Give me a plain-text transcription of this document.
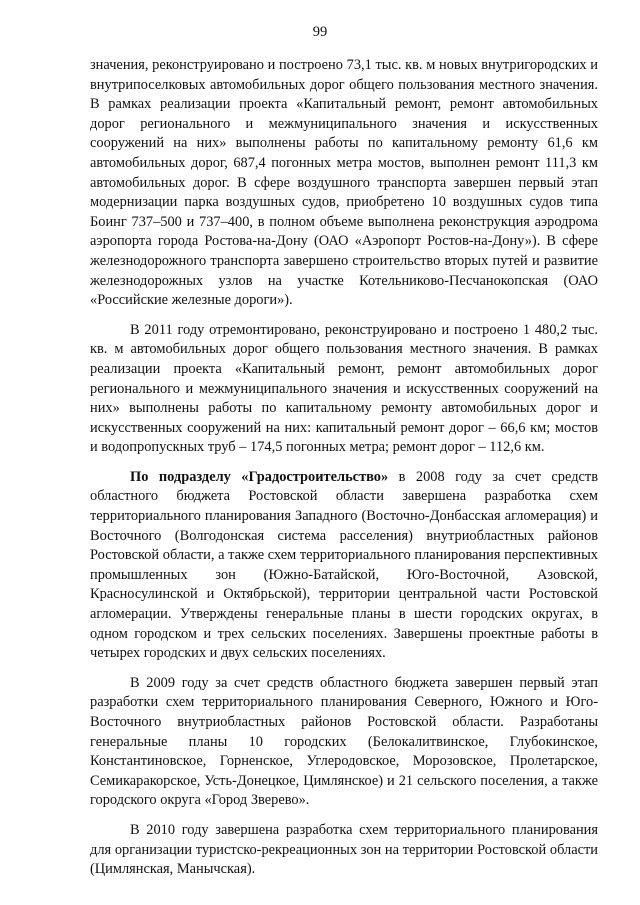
99

значения, реконструировано и построено 73,1 тыс. кв. м новых внутригородских и внутрипоселковых автомобильных дорог общего пользования местного значения. В рамках реализации проекта «Капитальный ремонт, ремонт автомобильных дорог регионального и межмуниципального значения и искусственных сооружений на них» выполнены работы по капитальному ремонту 61,6 км автомобильных дорог, 687,4 погонных метра мостов, выполнен ремонт 111,3 км автомобильных дорог. В сфере воздушного транспорта завершен первый этап модернизации парка воздушных судов, приобретено 10 воздушных судов типа Боинг 737–500 и 737–400, в полном объеме выполнена реконструкция аэродрома аэропорта города Ростова-на-Дону (ОАО «Аэропорт Ростов-на-Дону»). В сфере железнодорожного транспорта завершено строительство вторых путей и развитие железнодорожных узлов на участке Котельниково-Песчанокопская (ОАО «Российские железные дороги»).

В 2011 году отремонтировано, реконструировано и построено 1 480,2 тыс. кв. м автомобильных дорог общего пользования местного значения. В рамках реализации проекта «Капитальный ремонт, ремонт автомобильных дорог регионального и межмуниципального значения и искусственных сооружений на них» выполнены работы по капитальному ремонту автомобильных дорог и искусственных сооружений на них: капитальный ремонт дорог – 66,6 км; мостов и водопропускных труб – 174,5 погонных метра; ремонт дорог – 112,6 км.

По подразделу «Градостроительство» в 2008 году за счет средств областного бюджета Ростовской области завершена разработка схем территориального планирования Западного (Восточно-Донбасская агломерация) и Восточного (Волгодонская система расселения) внутриобластных районов Ростовской области, а также схем территориального планирования перспективных промышленных зон (Южно-Батайской, Юго-Восточной, Азовской, Красносулинской и Октябрьской), территории центральной части Ростовской агломерации. Утверждены генеральные планы в шести городских округах, в одном городском и трех сельских поселениях. Завершены проектные работы в четырех городских и двух сельских поселениях.

В 2009 году за счет средств областного бюджета завершен первый этап разработки схем территориального планирования Северного, Южного и Юго-Восточного внутриобластных районов Ростовской области. Разработаны генеральные планы 10 городских (Белокалитвинское, Глубокинское, Константиновское, Горненское, Углеродовское, Морозовское, Пролетарское, Семикаракорское, Усть-Донецкое, Цимлянское) и 21 сельского поселения, а также городского округа «Город Зверево».

В 2010 году завершена разработка схем территориального планирования для организации туристско-рекреационных зон на территории Ростовской области (Цимлянская, Манычская).
